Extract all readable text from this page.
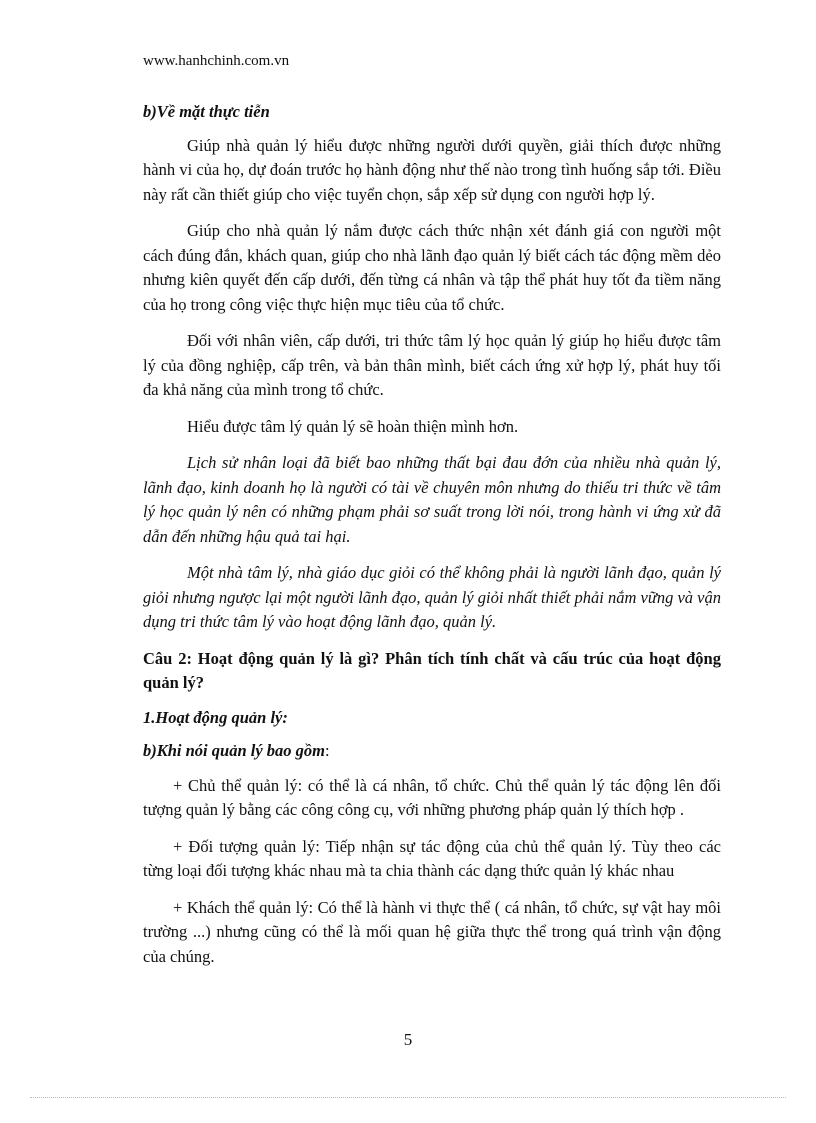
www.hanhchinh.com.vn

b)Về mặt thực tiễn

Giúp nhà quản lý hiểu được những người dưới quyền, giải thích được những hành vi của họ, dự đoán trước họ hành động như thế nào trong tình huống sắp tới. Điều này rất cần thiết giúp cho việc tuyển chọn, sắp xếp sử dụng con người hợp lý.

Giúp cho nhà quản lý nắm được cách thức nhận xét đánh giá con người một cách đúng đắn, khách quan, giúp cho nhà lãnh đạo quản lý biết cách tác động mềm dẻo nhưng kiên quyết đến cấp dưới, đến từng cá nhân và tập thể phát huy tốt đa tiềm năng của họ trong công việc thực hiện mục tiêu của tổ chức.

Đối với nhân viên, cấp dưới, tri thức tâm lý học quản lý giúp họ hiểu được tâm lý của đồng nghiệp, cấp trên, và bản thân mình, biết cách ứng xử hợp lý, phát huy tối đa khả năng của mình trong tổ chức.

Hiểu được tâm lý quản lý sẽ hoàn thiện mình hơn.

Lịch sử nhân loại đã biết bao những thất bại đau đớn của nhiều nhà quản lý, lãnh đạo, kinh doanh họ là người có tài về chuyên môn nhưng do thiếu tri thức về tâm lý học quản lý nên có những phạm phải sơ suất trong lời nói, trong hành vi ứng xử đã dẫn đến những hậu quả tai hại.

Một nhà tâm lý, nhà giáo dục giỏi có thể không phải là người lãnh đạo, quản lý giỏi nhưng ngược lại một người lãnh đạo, quản lý giỏi nhất thiết phải nắm vững và vận dụng tri thức tâm lý vào hoạt động lãnh đạo, quản lý.

Câu 2: Hoạt động quản lý là gì? Phân tích tính chất và cấu trúc của hoạt động quản lý?

1.Hoạt động quản lý:

b)Khi nói quản lý bao gồm:

+ Chủ thể quản lý: có thể là cá nhân, tổ chức. Chủ thể quản lý tác động lên đối tượng quản lý bằng các công công cụ, với những phương pháp quản lý thích hợp .

+ Đối tượng quản lý: Tiếp nhận sự tác động của chủ thể quản lý. Tùy theo các từng loại đối tượng khác nhau mà ta chia thành các dạng thức quản lý khác nhau

+ Khách thể quản lý: Có thể là hành vi thực thể ( cá nhân, tổ chức, sự vật hay môi trường ...) nhưng cũng có thể là mối quan hệ giữa thực thể trong quá trình vận động của chúng.

5
